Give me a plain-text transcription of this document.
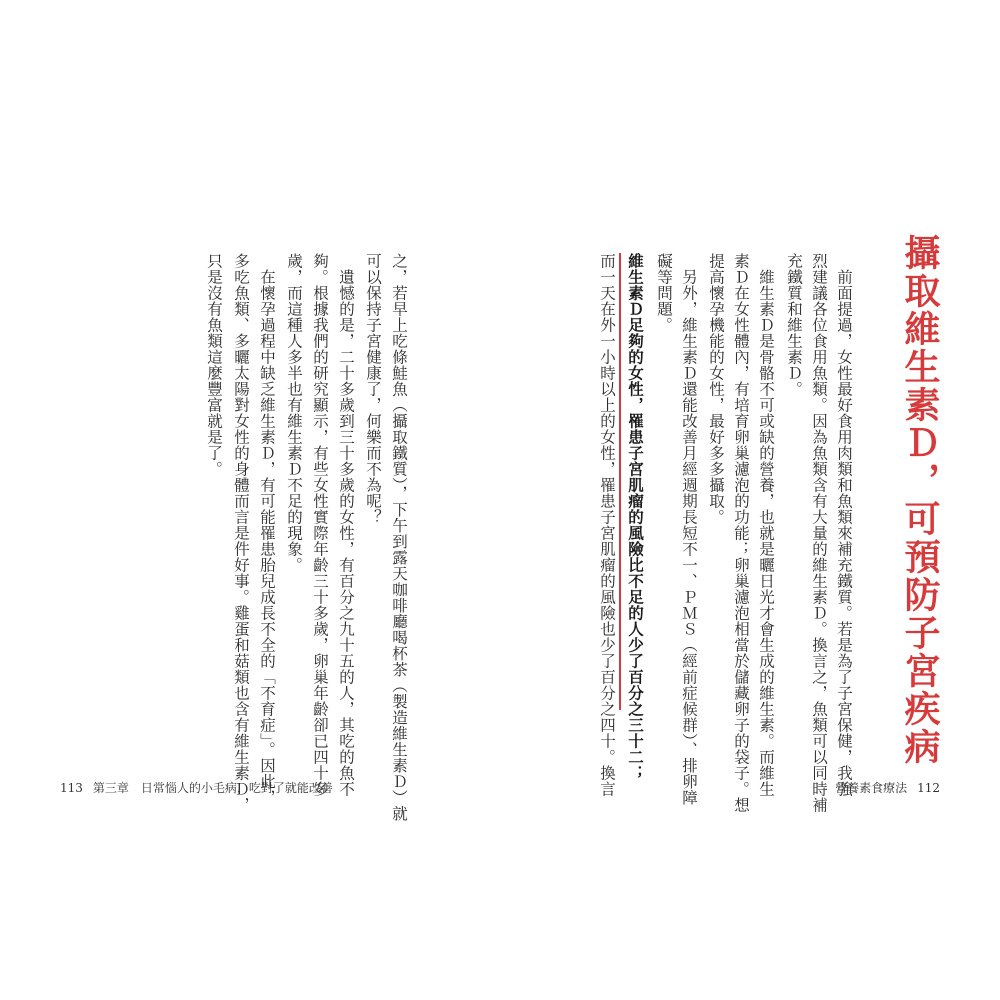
攝取維生素Ｄ，可預防子宮疾病
　前面提過，女性最好食用肉類和魚類來補充鐵質。若是為了子宮保健，我強
烈建議各位食用魚類。因為魚類含有大量的維生素Ｄ。換言之，魚類可以同時補
充鐵質和維生素Ｄ。
　維生素Ｄ是骨骼不可或缺的營養，也就是曬日光才會生成的維生素。而維生
素Ｄ在女性體內，有培育卵巢濾泡的功能；卵巢濾泡相當於儲藏卵子的袋子。想
提高懷孕機能的女性，最好多多攝取。
　另外，維生素Ｄ還能改善月經週期長短不一、ＰＭＳ（經前症候群）、排卵障
礙等問題。
維生素Ｄ足夠的女性，罹患子宮肌瘤的風險比不足的人少了百分之三十二；
而一天在外一小時以上的女性，罹患子宮肌瘤的風險也少了百分之四十。換言
之，若早上吃條鮭魚（攝取鐵質），下午到露天咖啡廳喝杯茶（製造維生素Ｄ）就
可以保持子宮健康了，何樂而不為呢？
　遺憾的是，二十多歲到三十多歲的女性，有百分之九十五的人，其吃的魚不
夠。根據我們的研究顯示，有些女性實際年齡三十多歲，卵巢年齡卻已四十多
歲，而這種人多半也有維生素Ｄ不足的現象。
　在懷孕過程中缺乏維生素Ｄ，有可能罹患胎兒成長不全的「不育症」。因此，
多吃魚類、多曬太陽對女性的身體而言是件好事。雞蛋和菇類也含有維生素Ｄ，
只是沒有魚類這麼豐富就是了。
113 第三章　日常惱人的小毛病，吃對了就能改善	營養素食療法 112
